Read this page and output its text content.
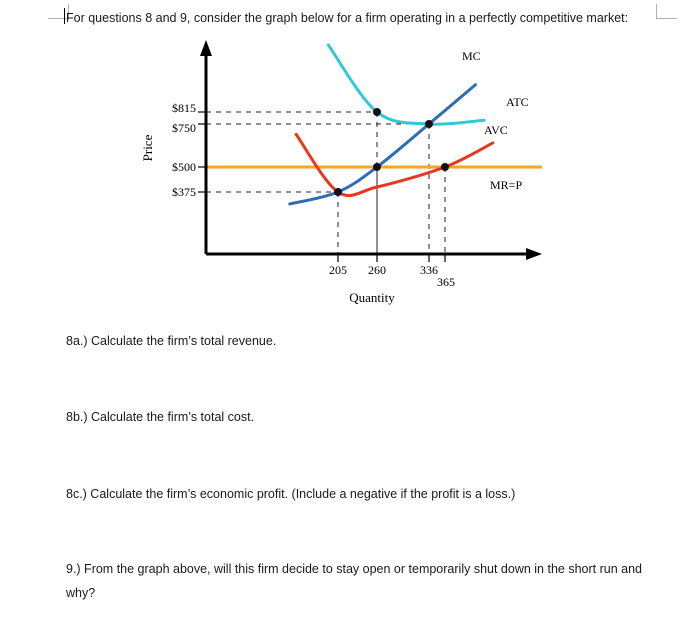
For questions 8 and 9, consider the graph below for a firm operating in a perfectly competitive market:

$815
$750
$500
$375
205 260	336
365
MC
ATC
AVC
MR=P
Quantity
Price

8a.) Calculate the firm’s total revenue.

8b.) Calculate the firm’s total cost.

8c.) Calculate the firm’s economic profit. (Include a negative if the profit is a loss.)

9.) From the graph above, will this firm decide to stay open or temporarily shut down in the short run and why?
